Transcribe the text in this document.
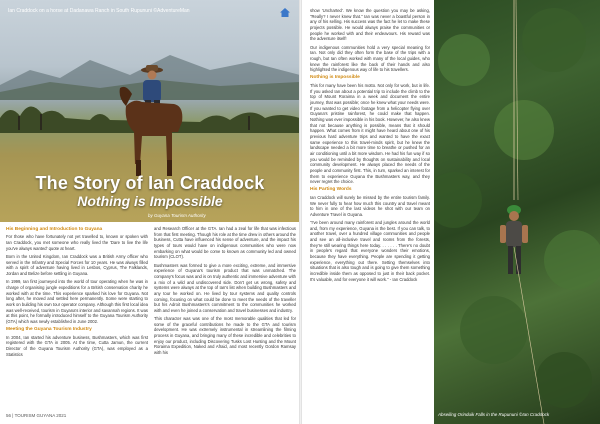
Ian Craddock on a horse at Dadanawa Ranch in South Rupununi ©AdventureMan
The Story of Ian Craddock
Nothing is Impossible
by Guyana Tourism Authority
His Beginning and Introduction to Guyana

For those who have fortunately not yet travelled to, known or spoken with Ian Craddock, you met someone who really lived the 'Dare to live the life you've always wanted' quote at heart.

Born in the United Kingdom, Ian Craddock was a British Army officer who served in the Infantry and Special Forces for 10 years. He was always filled with a spirit of adventure having lived in Lesbos, Cyprus, The Falklands, Jordan and Belize before settling in Guyana.

In 1999, Ian first journeyed into the world of tour operating when he was in charge of organising jungle expeditions for a British conservation charity he worked with at the time. This experience sparked his love for Guyana. Not long after, he moved and settled here permanently. Some were starting to work on building his own tour operator company. Although this first local idea was well-received, tourism in Guyana's interior and savannah regions. It was at this point, he formally introduced himself to the Guyana Tourism Authority (GTA) which was newly established in June 2002.

Meeting the Guyana Tourism Industry

In 2004, Ian started his adventure business, Bushmasters, which was first registered with the GTA in 2005. At the time, Cutta Jamun, the current Director of the Guyana Tourism Authority (GTA), was employed as a Statistics

and Research Officer at the GTA. Ian had a zeal for life that was infectious from that first meeting. Though his role at the time drew in others around the business, Cutta have influenced his sense of adventure, and the impact his types of tours would have on indigenous communities who were now embarking on what would be come to known as community led and owned tourism (CLOT).

Bushmasters was formed to give a more exciting, extreme, and immersive experience of Guyana's tourism product that was unmatched. The company's focus was and is on truly authentic and immersive adventure with a mix of a wild and undiscovered side. Don't get us wrong, safety and systems were always at the top of Ian's list when building Bushmasters and any tour he worked on. He lived by tour systems and quality controls coming, focusing on what could be done to meet the needs of the traveller but his Adroit Bushmasters's commitment to the communities he worked with and even he joined a conservation and travel businesses and industry.

This character was was one of the most memorable qualities that led for some of the graceful contributions he made to the GTA and tourism development. He was extremely instrumental in streamlining the filming process in Guyana, and bringing many of these incredible and celebrities to enjoy our product, including Discovering Tusks Lost Hunting and the Mount Roraima Expedition, Naked and Afraid, and most recently Gordon Ramsay with his

56 | TOURISM GUYANA 2021

show 'Uncharted'. We know the question you may be asking, "Really? I never knew that." Ian was never a boastful person in any of his selling. His success was the fact he let to make these projects possible. He would always praise the communities or people he worked with and their endeavours. His reward was the adventure itself!

Our indigenous communities hold a very special meaning for Ian. Not only did they often form the base of the trips with a rough, but Ian often worked with many of the local guides, who knew the rainforest like the back of their hands and also highlighted the indigenous way of life to his travellers.

Nothing is Impossible

This for many have been his motto. Not only for work, but in life. If you asked Ian about a potential trip to include the climb to the top of Mount Roraima in a week and document the entire journey, that was possible; once he knew what your needs were. If you wanted to get video footage from a helicopter flying over Guyana's pristine rainforest, he could make that happen. Nothing was ever impossible in his book. However, he also knew that not because anything is possible, means that it should happen. What comes from it might have heard about one of his previous hard adventure trips and wanted to have the exact same experience to this travel-minds spirit, but he knew the landscape needed a bit more time to breathe or pushed for an air conditioning until a bit more wisdom. He had his fun way if so you would be reminded by thoughts on sustainability and local community development. He always placed the needs of the people and community first. This, in turn, sparked an interest for them to experience Guyana the Bushmasters way, and they never regret the choice.

His Parting Words

Ian Craddock will surely be missed by the entire tourism family. We never fully to hear how much this country and travel meant to him in one of the last videos he shot with our team on Adventure Travel in Guyana.

"I've been around many rainforest and jungles around the world and, from my experience, Guyana is the best. If you can talk, to another travel, over a hundred village communities and people and see an all-inclusive travel and rooms from the forests, they're still wearing things here today. . . . . . . There's no doubt in people's regard that everyone wonders their emotions, because they have everything. People are spending it getting experience, everything out there. Setting themselves into situations that is also tough and is going to give them something incredible inside them as opposed to just in their back pocket. It's valuable, and for everyone it will work." - Ian Craddock

Abseiling Orinduik Falls in the Rupununi ©Ian Craddock
